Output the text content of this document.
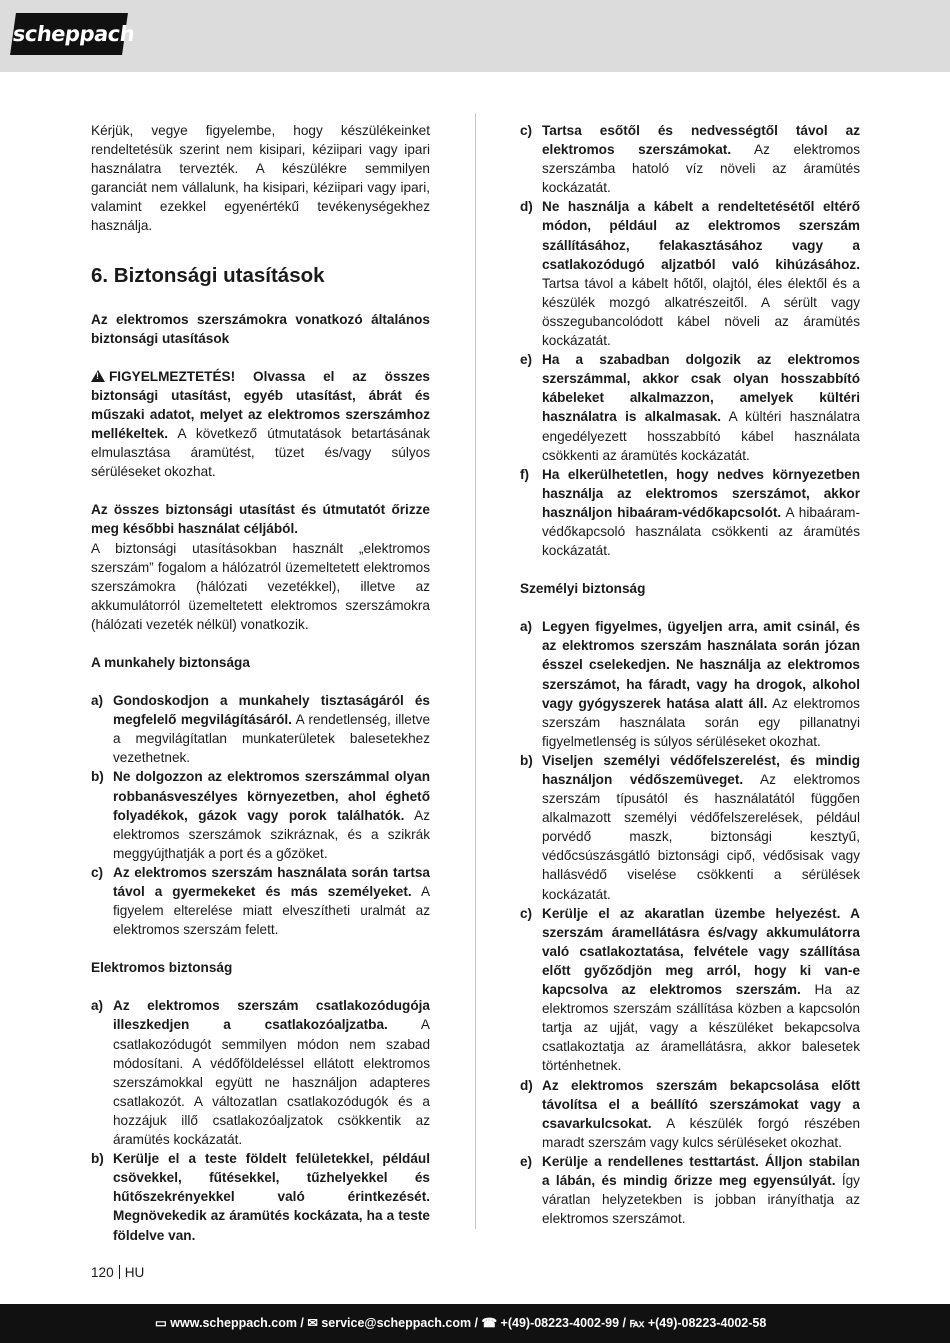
scheppach

Kérjük, vegye figyelembe, hogy készülékeinket rendeltetésük szerint nem kisipari, kéziipari vagy ipari használatra tervezték. A készülékre semmilyen garanciát nem vállalunk, ha kisipari, kéziipari vagy ipari, valamint ezekkel egyenértékű tevékenységekhez használja.

6. Biztonsági utasítások

Az elektromos szerszámokra vonatkozó általános biztonsági utasítások

!FIGYELMEZTETÉS! Olvassa el az összes biztonsági utasítást, egyéb utasítást, ábrát és műszaki adatot, melyet az elektromos szerszámhoz mellékeltek. A következő útmutatások betartásának elmulasztása áramütést, tüzet és/vagy súlyos sérüléseket okozhat.

Az összes biztonsági utasítást és útmutatót őrizze meg későbbi használat céljából.

A biztonsági utasításokban használt „elektromos szerszám” fogalom a hálózatról üzemeltetett elektromos szerszámokra (hálózati vezetékkel), illetve az akkumulátorról üzemeltetett elektromos szerszámokra (hálózati vezeték nélkül) vonatkozik.

A munkahely biztonsága

a) Gondoskodjon a munkahely tisztaságáról és megfelelő megvilágításáról. A rendetlenség, illetve a megvilágítatlan munkaterületek balesetekhez vezethetnek.
b) Ne dolgozzon az elektromos szerszámmal olyan robbanásveszélyes környezetben, ahol éghető folyadékok, gázok vagy porok találhatók. Az elektromos szerszámok szikráznak, és a szikrák meggyújthatják a port és a gőzöket.
c) Az elektromos szerszám használata során tartsa távol a gyermekeket és más személyeket. A figyelem elterelése miatt elveszítheti uralmát az elektromos szerszám felett.

Elektromos biztonság

a) Az elektromos szerszám csatlakozódugója illeszkedjen a csatlakozóaljzatba. A csatlakozódugót semmilyen módon nem szabad módosítani. A védőföldeléssel ellátott elektromos szerszámokkal együtt ne használjon adapteres csatlakozót. A változatlan csatlakozódugók és a hozzájuk illő csatlakozóaljzatok csökkentik az áramütés kockázatát.
b) Kerülje el a teste földelt felületekkel, például csövekkel, fűtésekkel, tűzhelyekkel és hűtőszekrényekkel való érintkezését. Megnövekedik az áramütés kockázata, ha a teste földelve van.
c) Tartsa esőtől és nedvességtől távol az elektromos szerszámokat. Az elektromos szerszámba hatoló víz növeli az áramütés kockázatát.
d) Ne használja a kábelt a rendeltetésétől eltérő módon, például az elektromos szerszám szállításához, felakasztásához vagy a csatlakozódugó aljzatból való kihúzásához. Tartsa távol a kábelt hőtől, olajtól, éles élektől és a készülék mozgó alkatrészeitől. A sérült vagy összegubancolódott kábel növeli az áramütés kockázatát.
e) Ha a szabadban dolgozik az elektromos szerszámmal, akkor csak olyan hosszabbító kábeleket alkalmazzon, amelyek kültéri használatra is alkalmasak. A kültéri használatra engedélyezett hosszabbító kábel használata csökkenti az áramütés kockázatát.
f) Ha elkerülhetetlen, hogy nedves környezetben használja az elektromos szerszámot, akkor használjon hibaáram-védőkapcsolót. A hibaáram-védőkapcsoló használata csökkenti az áramütés kockázatát.

Személyi biztonság

a) Legyen figyelmes, ügyeljen arra, amit csinál, és az elektromos szerszám használata során józan ésszel cselekedjen. Ne használja az elektromos szerszámot, ha fáradt, vagy ha drogok, alkohol vagy gyógyszerek hatása alatt áll. Az elektromos szerszám használata során egy pillanatnyi figyelmetlenség is súlyos sérüléseket okozhat.
b) Viseljen személyi védőfelszerelést, és mindig használjon védőszemüveget. Az elektromos szerszám típusától és használatától függően alkalmazott személyi védőfelszerelések, például porvédő maszk, biztonsági kesztyű, védőcsúszásgátló biztonsági cipő, védősisak vagy hallásvédő viselése csökkenti a sérülések kockázatát.
c) Kerülje el az akaratlan üzembe helyezést. A szerszám áramellátásra és/vagy akkumulátorra való csatlakoztatása, felvétele vagy szállítása előtt győződjön meg arról, hogy ki van-e kapcsolva az elektromos szerszám. Ha az elektromos szerszám szállítása közben a kapcsolón tartja az ujját, vagy a készüléket bekapcsolva csatlakoztatja az áramellátásra, akkor balesetek történhetnek.
d) Az elektromos szerszám bekapcsolása előtt távolítsa el a beállító szerszámokat vagy a csavarkulcsokat. A készülék forgó részében maradt szerszám vagy kulcs sérüléseket okozhat.
e) Kerülje a rendellenes testtartást. Álljon stabilan a lábán, és mindig őrizze meg egyensúlyát. Így váratlan helyzetekben is jobban irányíthatja az elektromos szerszámot.
120 HU
▭ www.scheppach.com / ✉ service@scheppach.com / ☎ +(49)-08223-4002-99 / ℻ +(49)-08223-4002-58
